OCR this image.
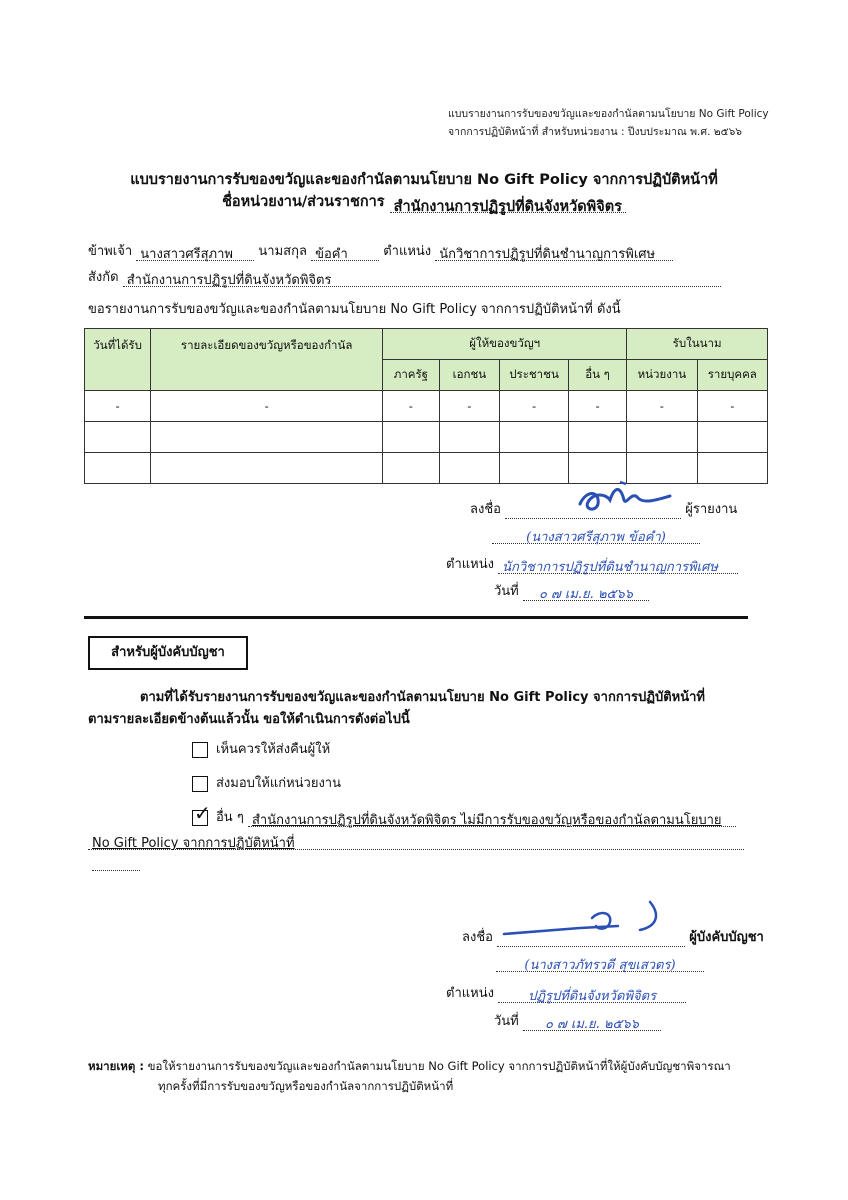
แบบรายงานการรับของขวัญและของกำนัลตามนโยบาย No Gift Policy
จากการปฏิบัติหน้าที่ สำหรับหน่วยงาน : ปีงบประมาณ พ.ศ. ๒๕๖๖
แบบรายงานการรับของขวัญและของกำนัลตามนโยบาย No Gift Policy จากการปฏิบัติหน้าที่
ชื่อหน่วยงาน/ส่วนราชการ สำนักงานการปฏิรูปที่ดินจังหวัดพิจิตร
ข้าพเจ้า นางสาวศรีสุภาพ นามสกุล ข้อคำ	ตำแหน่ง นักวิชาการปฏิรูปที่ดินชำนาญการพิเศษ
สังกัด สำนักงานการปฏิรูปที่ดินจังหวัดพิจิตร
ขอรายงานการรับของขวัญและของกำนัลตามนโยบาย No Gift Policy จากการปฏิบัติหน้าที่ ดังนี้
วันที่ได้รับ	รายละเอียดของขวัญหรือของกำนัล	ผู้ให้ของขวัญฯ				รับในนาม	
		ภาครัฐ	เอกชน	ประชาชน	อื่น ๆ	หน่วยงาน	รายบุคคล
-	-	-	-	-	-	-	-

ลงชื่อ	ผู้รายงาน
(นางสาวศรีสุภาพ ข้อคำ)
ตำแหน่ง นักวิชาการปฏิรูปที่ดินชำนาญการพิเศษ
วันที่ ๐ ๗ เม.ย. ๒๕๖๖
สำหรับผู้บังคับบัญชา
ตามที่ได้รับรายงานการรับของขวัญและของกำนัลตามนโยบาย No Gift Policy จากการปฏิบัติหน้าที่
ตามรายละเอียดข้างต้นแล้วนั้น ขอให้ดำเนินการดังต่อไปนี้
เห็นควรให้ส่งคืนผู้ให้
ส่งมอบให้แก่หน่วยงาน
✓ อื่น ๆ สำนักงานการปฏิรูปที่ดินจังหวัดพิจิตร ไม่มีการรับของขวัญหรือของกำนัลตามนโยบาย
No Gift Policy จากการปฏิบัติหน้าที่
ลงชื่อ	ผู้บังคับบัญชา
(นางสาวภัทรวดี สุขเสวตร)
ตำแหน่ง	ปฏิรูปที่ดินจังหวัดพิจิตร
วันที่ ๐ ๗ เม.ย. ๒๕๖๖
หมายเหตุ : ขอให้รายงานการรับของขวัญและของกำนัลตามนโยบาย No Gift Policy จากการปฏิบัติหน้าที่ให้ผู้บังคับบัญชาพิจารณา
ทุกครั้งที่มีการรับของขวัญหรือของกำนัลจากการปฏิบัติหน้าที่
